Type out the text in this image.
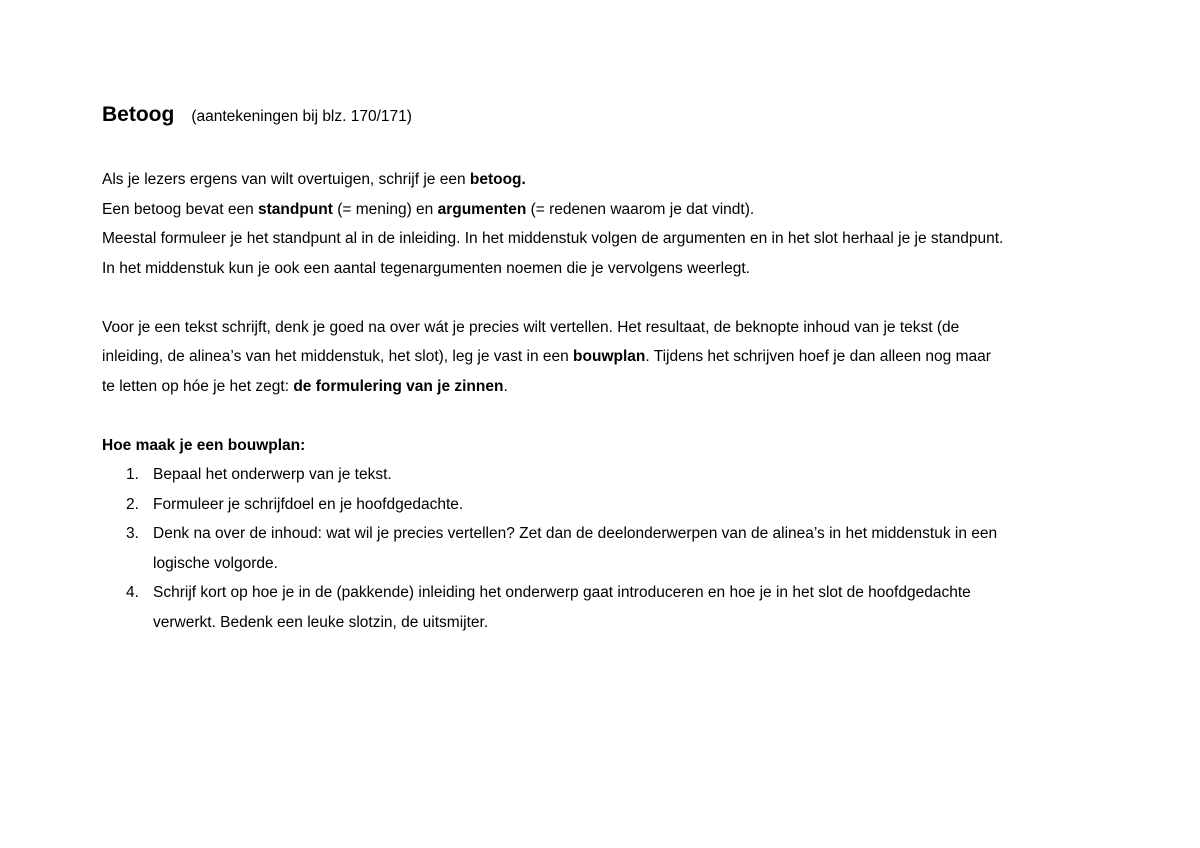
Betoog (aantekeningen bij blz. 170/171)
Als je lezers ergens van wilt overtuigen, schrijf je een betoog.
Een betoog bevat een standpunt (= mening) en argumenten (= redenen waarom je dat vindt).
Meestal formuleer je het standpunt al in de inleiding. In het middenstuk volgen de argumenten en in het slot herhaal je je standpunt.
In het middenstuk kun je ook een aantal tegenargumenten noemen die je vervolgens weerlegt.
Voor je een tekst schrijft, denk je goed na over wát je precies wilt vertellen. Het resultaat, de beknopte inhoud van je tekst (de
inleiding, de alinea’s van het middenstuk, het slot), leg je vast in een bouwplan. Tijdens het schrijven hoef je dan alleen nog maar
te letten op hóe je het zegt: de formulering van je zinnen.
Hoe maak je een bouwplan:
1. Bepaal het onderwerp van je tekst.
2. Formuleer je schrijfdoel en je hoofdgedachte.
3. Denk na over de inhoud: wat wil je precies vertellen? Zet dan de deelonderwerpen van de alinea’s in het middenstuk in een
logische volgorde.
4. Schrijf kort op hoe je in de (pakkende) inleiding het onderwerp gaat introduceren en hoe je in het slot de hoofdgedachte
verwerkt. Bedenk een leuke slotzin, de uitsmijter.
